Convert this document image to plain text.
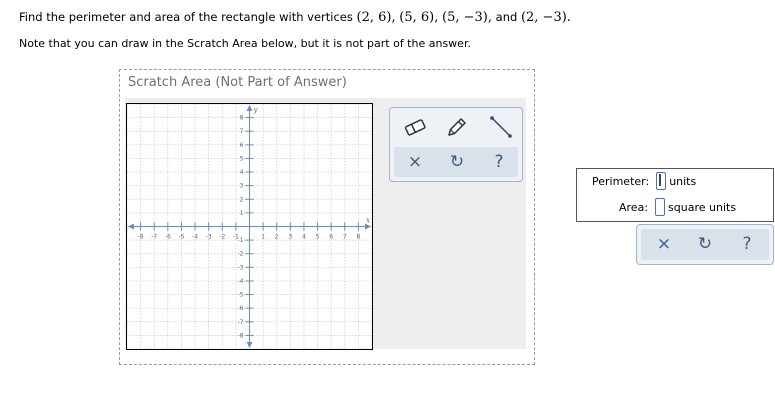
Find the perimeter and area of the rectangle with vertices (2, 6), (5, 6), (5, −3), and (2, −3).
Note that you can draw in the Scratch Area below, but it is not part of the answer.
Scratch Area (Not Part of Answer)
-8 -7 -6 -5 -4 -3 -2 -1	1 2 3 4 5 6 7 8
8
7
6
5
4
3
2
1
-1
-2
-3
-4
-5
-6
-7
-8
x
y
× ↻ ?
Perimeter: units
Area: square units
× ↻ ?
